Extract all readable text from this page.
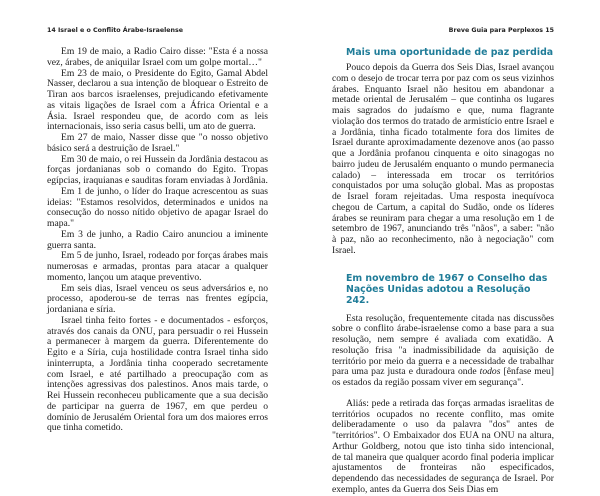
14 Israel e o Conflito Árabe-Israelense

Em 19 de maio, a Radio Cairo disse: "Esta é a nossa vez, árabes, de aniquilar Israel com um golpe mortal…"

Em 23 de maio, o Presidente do Egito, Gamal Abdel Nasser, declarou a sua intenção de bloquear o Estreito de Tiran aos barcos israelenses, prejudicando efetivamente as vitais ligações de Israel com a África Oriental e a Ásia. Israel respondeu que, de acordo com as leis internacionais, isso seria casus belli, um ato de guerra.

Em 27 de maio, Nasser disse que "o nosso objetivo básico será a destruição de Israel."

Em 30 de maio, o rei Hussein da Jordânia destacou as forças jordanianas sob o comando do Egito. Tropas egípcias, iraquianas e sauditas foram enviadas à Jordânia.

Em 1 de junho, o líder do Iraque acrescentou as suas ideias: "Estamos resolvidos, determinados e unidos na consecução do nosso nítido objetivo de apagar Israel do mapa."

Em 3 de junho, a Radio Cairo anunciou a iminente guerra santa.

Em 5 de junho, Israel, rodeado por forças árabes mais numerosas e armadas, prontas para atacar a qualquer momento, lançou um ataque preventivo.

Em seis dias, Israel venceu os seus adversários e, no processo, apoderou-se de terras nas frentes egípcia, jordaniana e síria.

Israel tinha feito fortes - e documentados - esforços, através dos canais da ONU, para persuadir o rei Hussein a permanecer à margem da guerra. Diferentemente do Egito e a Síria, cuja hostilidade contra Israel tinha sido ininterrupta, a Jordânia tinha cooperado secretamente com Israel, e até partilhado a preocupação com as intenções agressivas dos palestinos. Anos mais tarde, o Rei Hussein reconheceu publicamente que a sua decisão de participar na guerra de 1967, em que perdeu o domínio de Jerusalém Oriental fora um dos maiores erros que tinha cometido.

Breve Guia para Perplexos 15
Mais uma oportunidade de paz perdida

Pouco depois da Guerra dos Seis Dias, Israel avançou com o desejo de trocar terra por paz com os seus vizinhos árabes. Enquanto Israel não hesitou em abandonar a metade oriental de Jerusalém – que continha os lugares mais sagrados do judaísmo e que, numa flagrante violação dos termos do tratado de armistício entre Israel e a Jordânia, tinha ficado totalmente fora dos limites de Israel durante aproximadamente dezenove anos (ao passo que a Jordânia profanou cinquenta e oito sinagogas no bairro judeu de Jerusalém enquanto o mundo permanecia calado) – interessada em trocar os territórios conquistados por uma solução global. Mas as propostas de Israel foram rejeitadas. Uma resposta inequívoca chegou de Cartum, a capital do Sudão, onde os líderes árabes se reuniram para chegar a uma resolução em 1 de setembro de 1967, anunciando três "nãos", a saber: "não à paz, não ao reconhecimento, não à negociação" com Israel.

Em novembro de 1967 o Conselho das Nações Unidas adotou a Resolução 242.

Esta resolução, frequentemente citada nas discussões sobre o conflito árabe-israelense como a base para a sua resolução, nem sempre é avaliada com exatidão. A resolução frisa "a inadmissibilidade da aquisição de território por meio da guerra e a necessidade de trabalhar para uma paz justa e duradoura onde todos [ênfase meu] os estados da região possam viver em segurança".

Aliás: pede a retirada das forças armadas israelitas de territórios ocupados no recente conflito, mas omite deliberadamente o uso da palavra "dos" antes de "territórios". O Embaixador dos EUA na ONU na altura, Arthur Goldberg, notou que isto tinha sido intencional, de tal maneira que qualquer acordo final poderia implicar ajustamentos de fronteiras não especificados, dependendo das necessidades de segurança de Israel. Por exemplo, antes da Guerra dos Seis Dias em
